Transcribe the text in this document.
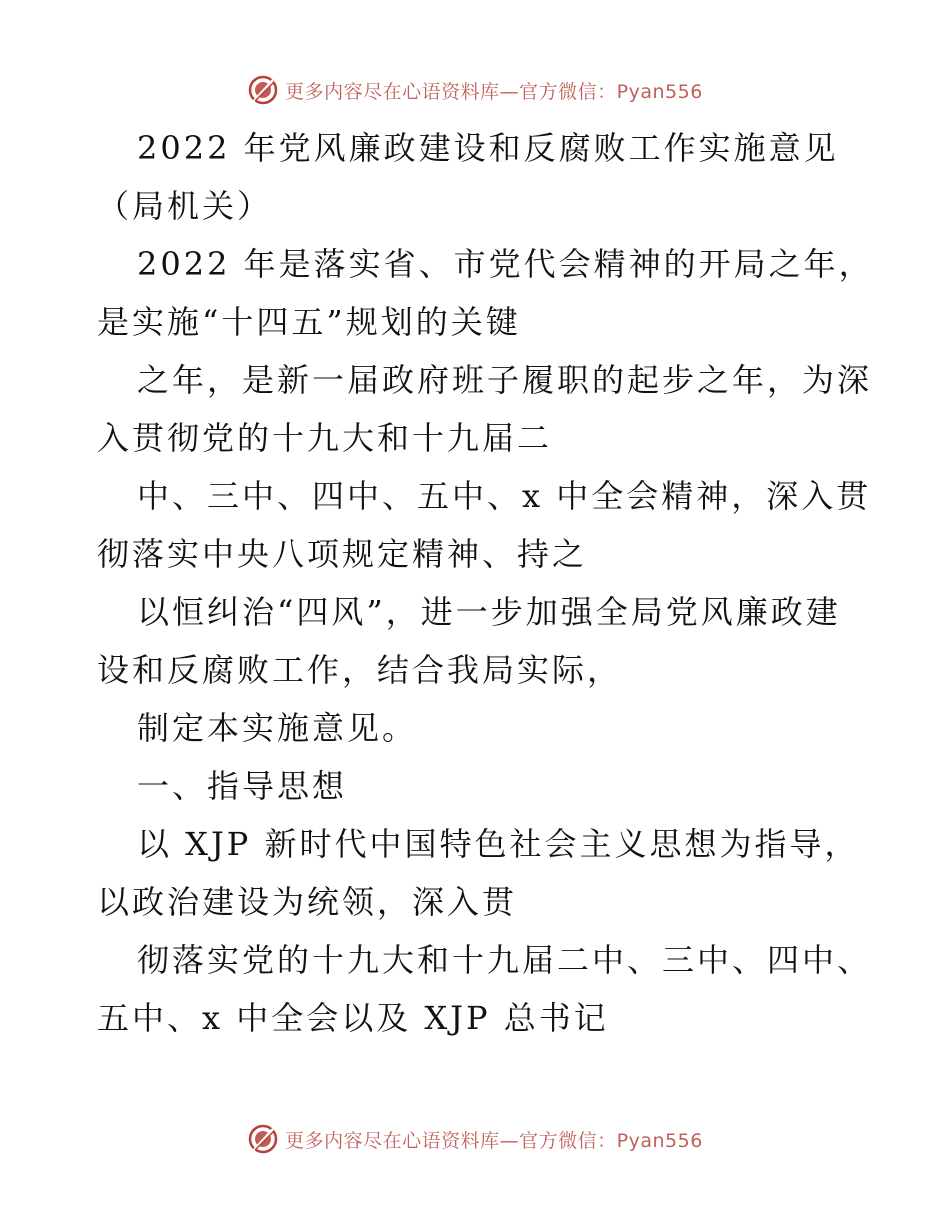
更多内容尽在心语资料库—官方微信：Pyan556
2022 年党风廉政建设和反腐败工作实施意见
（局机关）
2022 年是落实省、市党代会精神的开局之年，
是实施“十四五”规划的关键
之年，是新一届政府班子履职的起步之年，为深
入贯彻党的十九大和十九届二
中、三中、四中、五中、x 中全会精神，深入贯
彻落实中央八项规定精神、持之
以恒纠治“四风”，进一步加强全局党风廉政建
设和反腐败工作，结合我局实际，
制定本实施意见。
一、指导思想
以 XJP 新时代中国特色社会主义思想为指导，
以政治建设为统领，深入贯
彻落实党的十九大和十九届二中、三中、四中、
五中、x 中全会以及 XJP 总书记
更多内容尽在心语资料库—官方微信：Pyan556
